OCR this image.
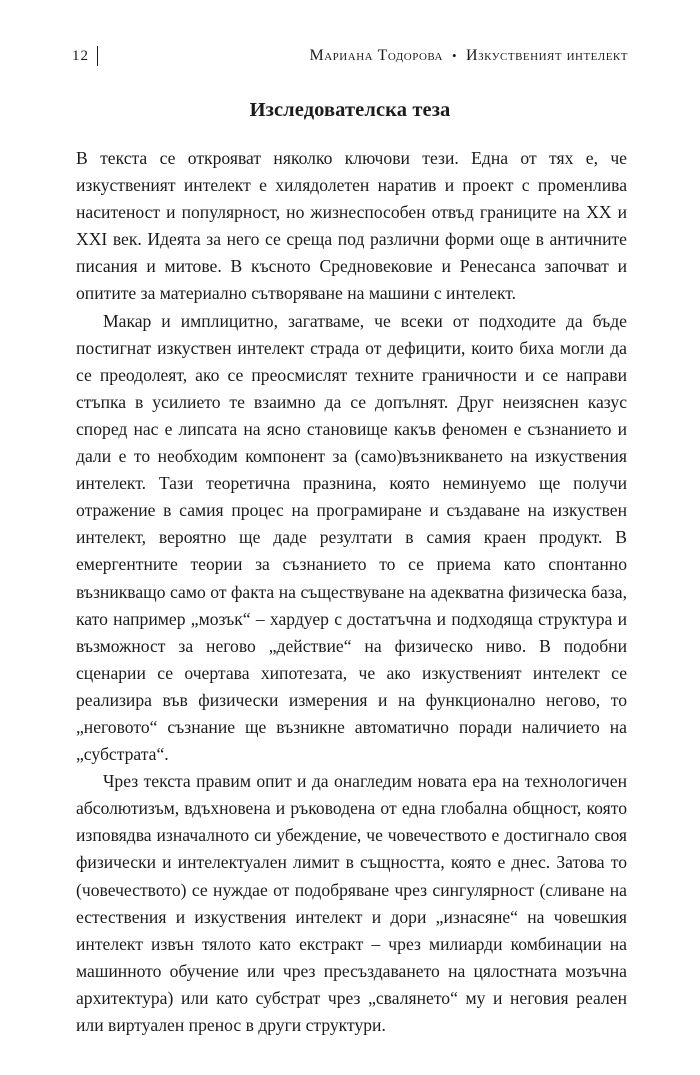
12	Мариана Тодорова • Изкуственият интелект
Изследователска теза

В текста се открояват няколко ключови тези. Една от тях е, че изкуственият интелект е хилядолетен наратив и проект с променлива наситеност и популярност, но жизнеспособен отвъд границите на XX и XXI век. Идеята за него се среща под различни форми още в античните писания и митове. В късното Средновековие и Ренесанса започват и опитите за материално сътворяване на машини с интелект.

Макар и имплицитно, загатваме, че всеки от подходите да бъде постигнат изкуствен интелект страда от дефицити, които биха могли да се преодолеят, ако се преосмислят техните граничности и се направи стъпка в усилието те взаимно да се допълнят. Друг неизяснен казус според нас е липсата на ясно становище какъв феномен е съзнанието и дали е то необходим компонент за (само)възникването на изкуствения интелект. Тази теоретична празнина, която неминуемо ще получи отражение в самия процес на програмиране и създаване на изкуствен интелект, вероятно ще даде резултати в самия краен продукт. В емергентните теории за съзнанието то се приема като спонтанно възникващо само от факта на съществуване на адекватна физическа база, като например „мозък“ – хардуер с достатъчна и подходяща структура и възможност за негово „действие“ на физическо ниво. В подобни сценарии се очертава хипотезата, че ако изкуственият интелект се реализира във физически измерения и на функционално негово, то „неговото“ съзнание ще възникне автоматично поради наличието на „субстрата“.

Чрез текста правим опит и да онагледим новата ера на технологичен абсолютизъм, вдъхновена и ръководена от една глобална общност, която изповядва изначалното си убеждение, че човечеството е достигнало своя физически и интелектуален лимит в същността, която е днес. Затова то (човечеството) се нуждае от подобряване чрез сингулярност (сливане на естествения и изкуствения интелект и дори „изнасяне“ на човешкия интелект извън тялото като екстракт – чрез милиарди комбинации на машинното обучение или чрез пресъздаването на цялостната мозъчна архитектура) или като субстрат чрез „свалянето“ му и неговия реален или виртуален пренос в други структури.
